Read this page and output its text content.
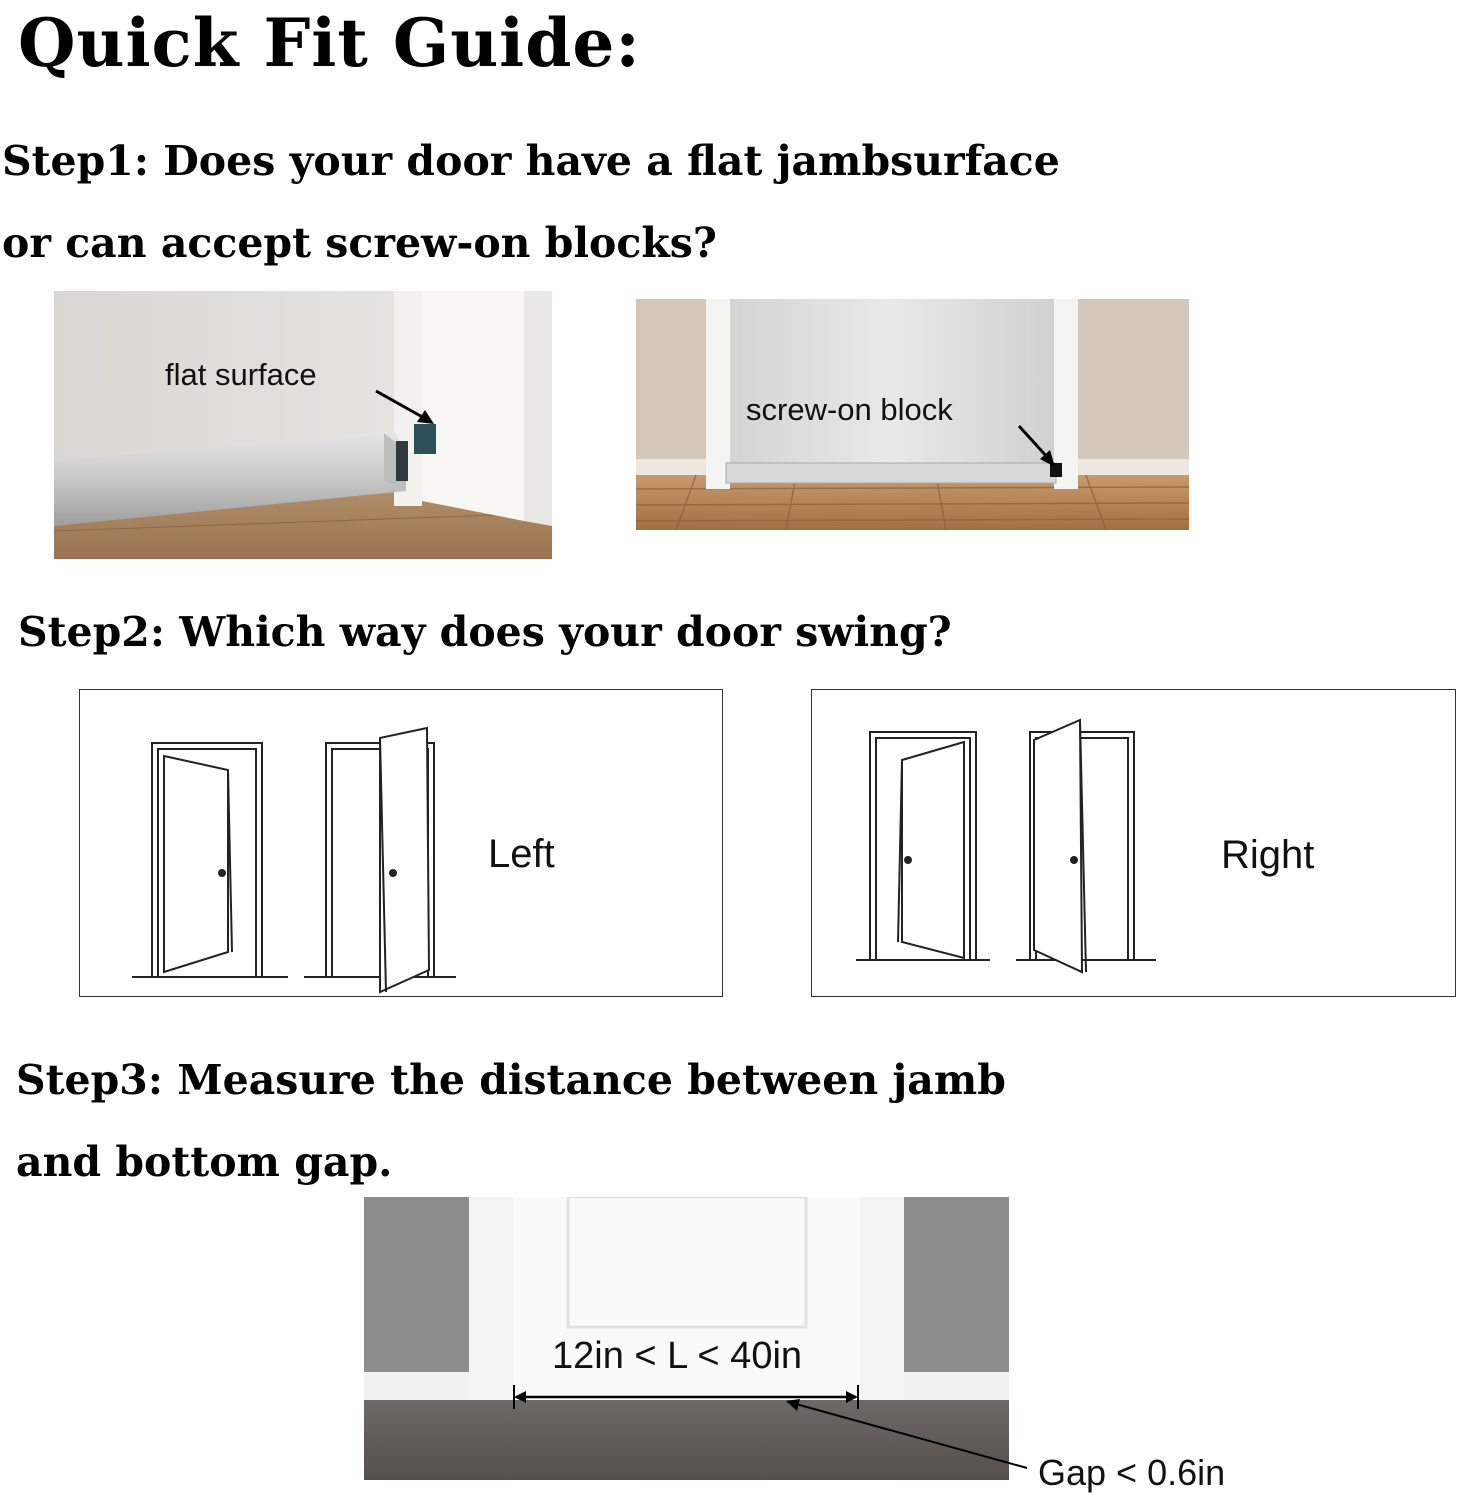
Quick Fit Guide:
Step1: Does your door have a flat jambsurface
or can accept screw-on blocks?
flat surface
screw-on block
Step2: Which way does your door swing?
Left	Right
Step3: Measure the distance between jamb
and bottom gap.
12in < L < 40in
Gap < 0.6in
